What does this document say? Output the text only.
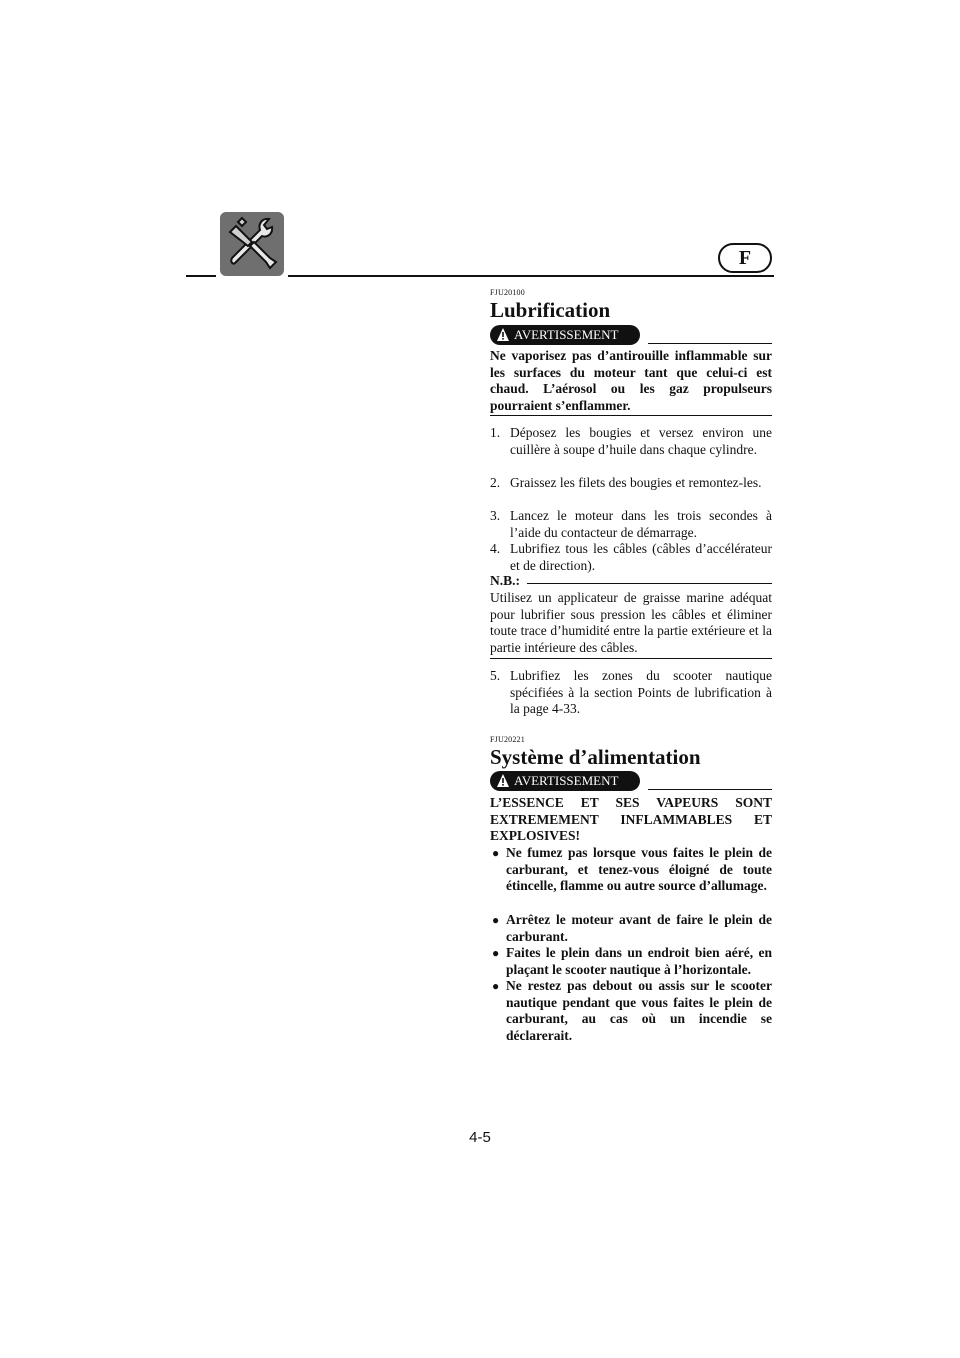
F
FJU20100
Lubrification
AVERTISSEMENT
Ne vaporisez pas d’antirouille inflammable sur les surfaces du moteur tant que celui-ci est chaud. L’aérosol ou les gaz propulseurs pourraient s’enflammer.
1. Déposez les bougies et versez environ une cuillère à soupe d’huile dans chaque cylindre.
2. Graissez les filets des bougies et remontez-les.
3. Lancez le moteur dans les trois secondes à l’aide du contacteur de démarrage.
4. Lubrifiez tous les câbles (câbles d’accélérateur et de direction).
N.B.:
Utilisez un applicateur de graisse marine adéquat pour lubrifier sous pression les câbles et éliminer toute trace d’humidité entre la partie extérieure et la partie intérieure des câbles.
5. Lubrifiez les zones du scooter nautique spécifiées à la section Points de lubrification à la page 4-33.
FJU20221
Système d’alimentation
AVERTISSEMENT
L’ESSENCE ET SES VAPEURS SONT EXTREMEMENT INFLAMMABLES ET EXPLOSIVES!
● Ne fumez pas lorsque vous faites le plein de carburant, et tenez-vous éloigné de toute étincelle, flamme ou autre source d’allumage.
● Arrêtez le moteur avant de faire le plein de carburant.
● Faites le plein dans un endroit bien aéré, en plaçant le scooter nautique à l’horizontale.
● Ne restez pas debout ou assis sur le scooter nautique pendant que vous faites le plein de carburant, au cas où un incendie se déclarerait.
4-5
